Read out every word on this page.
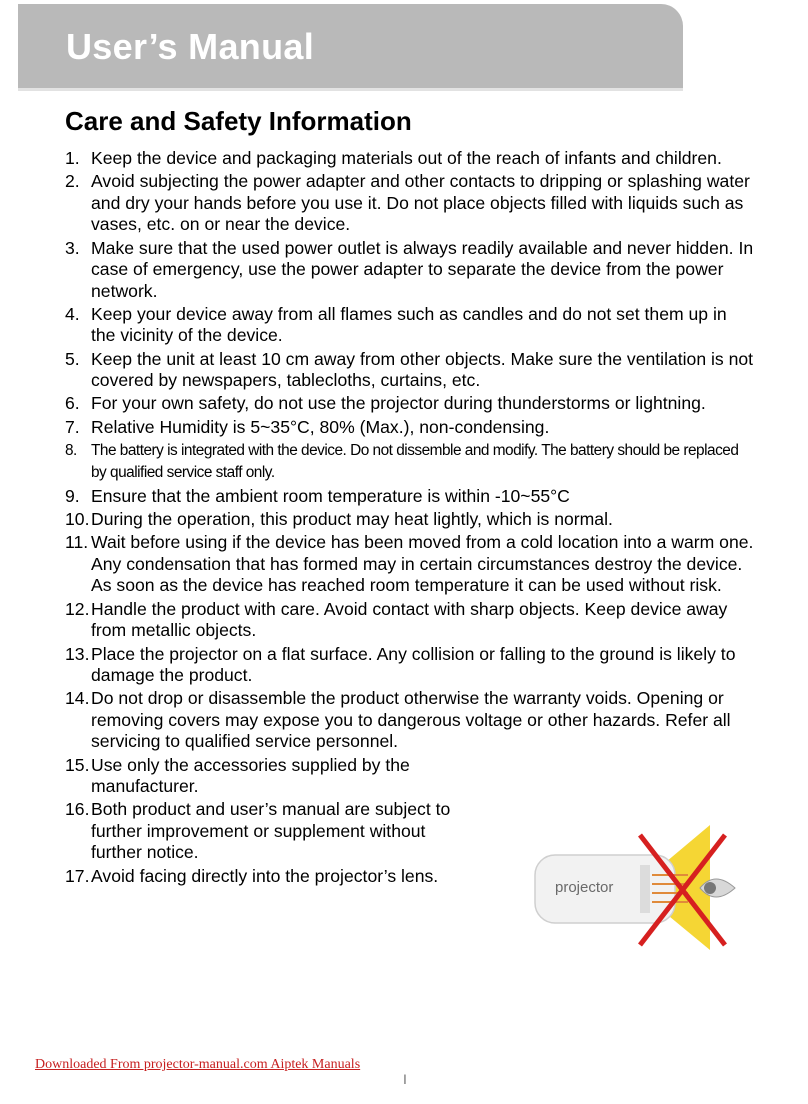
User’s Manual
Care and Safety Information
1. Keep the device and packaging materials out of the reach of infants and children.
2. Avoid subjecting the power adapter and other contacts to dripping or splashing water and dry your hands before you use it. Do not place objects filled with liquids such as vases, etc. on or near the device.
3. Make sure that the used power outlet is always readily available and never hidden. In case of emergency, use the power adapter to separate the device from the power network.
4. Keep your device away from all flames such as candles and do not set them up in the vicinity of the device.
5. Keep the unit at least 10 cm away from other objects. Make sure the ventilation is not covered by newspapers, tablecloths, curtains, etc.
6. For your own safety, do not use the projector during thunderstorms or lightning.
7. Relative Humidity is 5~35°C, 80% (Max.), non-condensing.
8. The battery is integrated with the device. Do not dissemble and modify. The battery should be replaced by qualified service staff only.
9. Ensure that the ambient room temperature is within -10~55°C
10. During the operation, this product may heat lightly, which is normal.
11. Wait before using if the device has been moved from a cold location into a warm one. Any condensation that has formed may in certain circumstances destroy the device. As soon as the device has reached room temperature it can be used without risk.
12. Handle the product with care. Avoid contact with sharp objects. Keep device away from metallic objects.
13. Place the projector on a flat surface. Any collision or falling to the ground is likely to damage the product.
14. Do not drop or disassemble the product otherwise the warranty voids. Opening or removing covers may expose you to dangerous voltage or other hazards. Refer all servicing to qualified service personnel.
15. Use only the accessories supplied by the manufacturer.
16. Both product and user’s manual are subject to further improvement or supplement without further notice.
17. Avoid facing directly into the projector’s lens.
projector
Downloaded From projector-manual.com Aiptek Manuals
I
